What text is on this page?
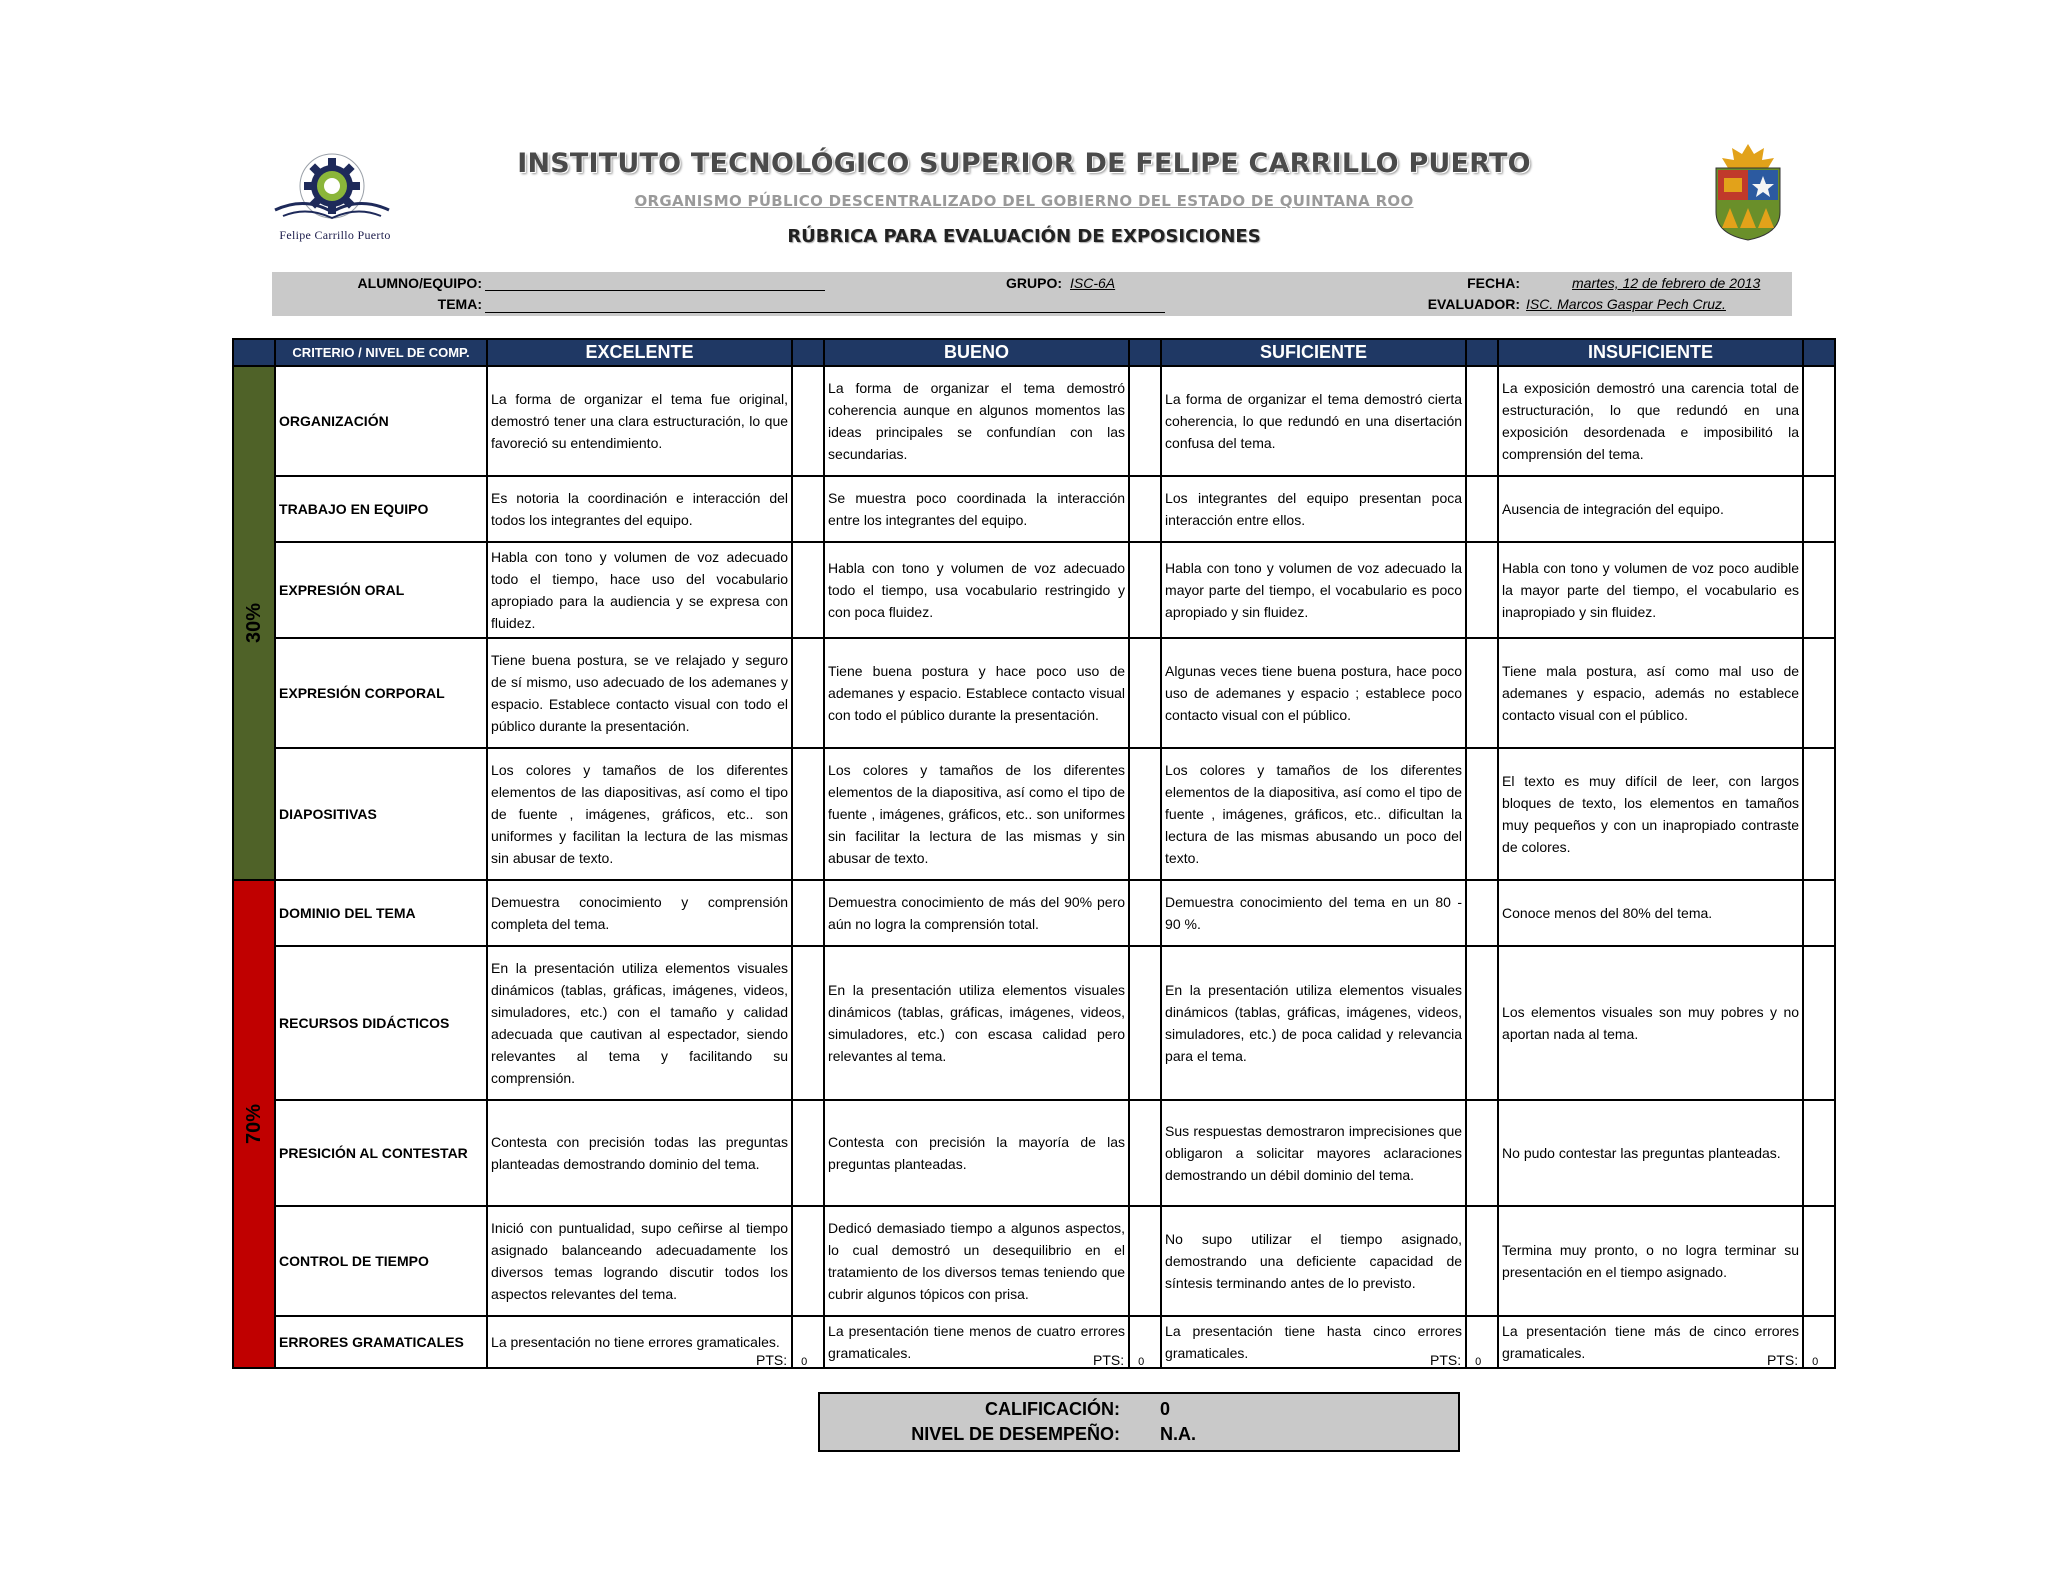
Felipe Carrillo Puerto
INSTITUTO TECNOLÓGICO SUPERIOR DE FELIPE CARRILLO PUERTO
ORGANISMO PÚBLICO DESCENTRALIZADO DEL GOBIERNO DEL ESTADO DE QUINTANA ROO
RÚBRICA PARA EVALUACIÓN DE EXPOSICIONES
ALUMNO/EQUIPO:
TEMA:
GRUPO: ISC-6A	FECHA:	martes, 12 de febrero de 2013
EVALUADOR: ISC. Marcos Gaspar Pech Cruz.
	CRITERIO / NIVEL DE COMP.	EXCELENTE		BUENO		SUFICIENTE		INSUFICIENTE	
30%	ORGANIZACIÓN	La forma de organizar el tema fue original, demostró tener una clara estructuración, lo que favoreció su entendimiento.		La forma de organizar el tema demostró coherencia aunque en algunos momentos las ideas principales se confundían con las secundarias.		La forma de organizar el tema demostró cierta coherencia, lo que redundó en una disertación confusa del tema.		La exposición demostró una carencia total de estructuración, lo que redundó en una exposición desordenada e imposibilitó la comprensión del tema.	
	TRABAJO EN EQUIPO	Es notoria la coordinación e interacción del todos los integrantes del equipo.		Se muestra poco coordinada la interacción entre los integrantes del equipo.		Los integrantes del equipo presentan poca interacción entre ellos.		Ausencia de integración del equipo.	
	EXPRESIÓN ORAL	Habla con tono y volumen de voz adecuado todo el tiempo, hace uso del vocabulario apropiado para la audiencia y se expresa con fluidez.		Habla con tono y volumen de voz adecuado todo el tiempo, usa vocabulario restringido y con poca fluidez.		Habla con tono y volumen de voz adecuado la mayor parte del tiempo, el vocabulario es poco apropiado y sin fluidez.		Habla con tono y volumen de voz poco audible la mayor parte del tiempo, el vocabulario es inapropiado y sin fluidez.	
	EXPRESIÓN CORPORAL	Tiene buena postura, se ve relajado y seguro de sí mismo, uso adecuado de los ademanes y espacio. Establece contacto visual con todo el público durante la presentación.		Tiene buena postura y hace poco uso de ademanes y espacio. Establece contacto visual con todo el público durante la presentación.		Algunas veces tiene buena postura, hace poco uso de ademanes y espacio ; establece poco contacto visual con el público.		Tiene mala postura, así como mal uso de ademanes y espacio, además no establece contacto visual con el público.	
	DIAPOSITIVAS	Los colores y tamaños de los diferentes elementos de las diapositivas, así como el tipo de fuente , imágenes, gráficos, etc.. son uniformes y facilitan la lectura de las mismas sin abusar de texto.		Los colores y tamaños de los diferentes elementos de la diapositiva, así como el tipo de fuente , imágenes, gráficos, etc.. son uniformes sin facilitar la lectura de las mismas y sin abusar de texto.		Los colores y tamaños de los diferentes elementos de la diapositiva, así como el tipo de fuente , imágenes, gráficos, etc.. dificultan la lectura de las mismas abusando un poco del texto.		El texto es muy difícil de leer, con largos bloques de texto, los elementos en tamaños muy pequeños y con un inapropiado contraste de colores.	
70%	DOMINIO DEL TEMA	Demuestra conocimiento y comprensión completa del tema.		Demuestra conocimiento de más del 90% pero aún no logra la comprensión total.		Demuestra conocimiento del tema en un 80 - 90 %.		Conoce menos del 80% del tema.	
	RECURSOS DIDÁCTICOS	En la presentación utiliza elementos visuales dinámicos (tablas, gráficas, imágenes, videos, simuladores, etc.) con el tamaño y calidad adecuada que cautivan al espectador, siendo relevantes al tema y facilitando su comprensión.		En la presentación utiliza elementos visuales dinámicos (tablas, gráficas, imágenes, videos, simuladores, etc.) con escasa calidad pero relevantes al tema.		En la presentación utiliza elementos visuales dinámicos (tablas, gráficas, imágenes, videos, simuladores, etc.) de poca calidad y relevancia para el tema.		Los elementos visuales son muy pobres y no aportan nada al tema.	
	PRESICIÓN AL CONTESTAR	Contesta con precisión todas las preguntas planteadas demostrando dominio del tema.		Contesta con precisión la mayoría de las preguntas planteadas.		Sus respuestas demostraron imprecisiones que obligaron a solicitar mayores aclaraciones demostrando un débil dominio del tema.		No pudo contestar las preguntas planteadas.	
	CONTROL DE TIEMPO	Inició con puntualidad, supo ceñirse al tiempo asignado balanceando adecuadamente los diversos temas logrando discutir todos los aspectos relevantes del tema.		Dedicó demasiado tiempo a algunos aspectos, lo cual demostró un desequilibrio en el tratamiento de los diversos temas teniendo que cubrir algunos tópicos con prisa.		No supo utilizar el tiempo asignado, demostrando una deficiente capacidad de síntesis terminando antes de lo previsto.		Termina muy pronto, o no logra terminar su presentación en el tiempo asignado.	
	ERRORES GRAMATICALES	La presentación no tiene errores gramaticales.		La presentación tiene menos de cuatro errores gramaticales.		La presentación tiene hasta cinco errores gramaticales.		La presentación tiene más de cinco errores gramaticales.	
PTS: 0	PTS: 0	PTS: 0	PTS: 0
CALIFICACIÓN: 0
NIVEL DE DESEMPEÑO: N.A.
